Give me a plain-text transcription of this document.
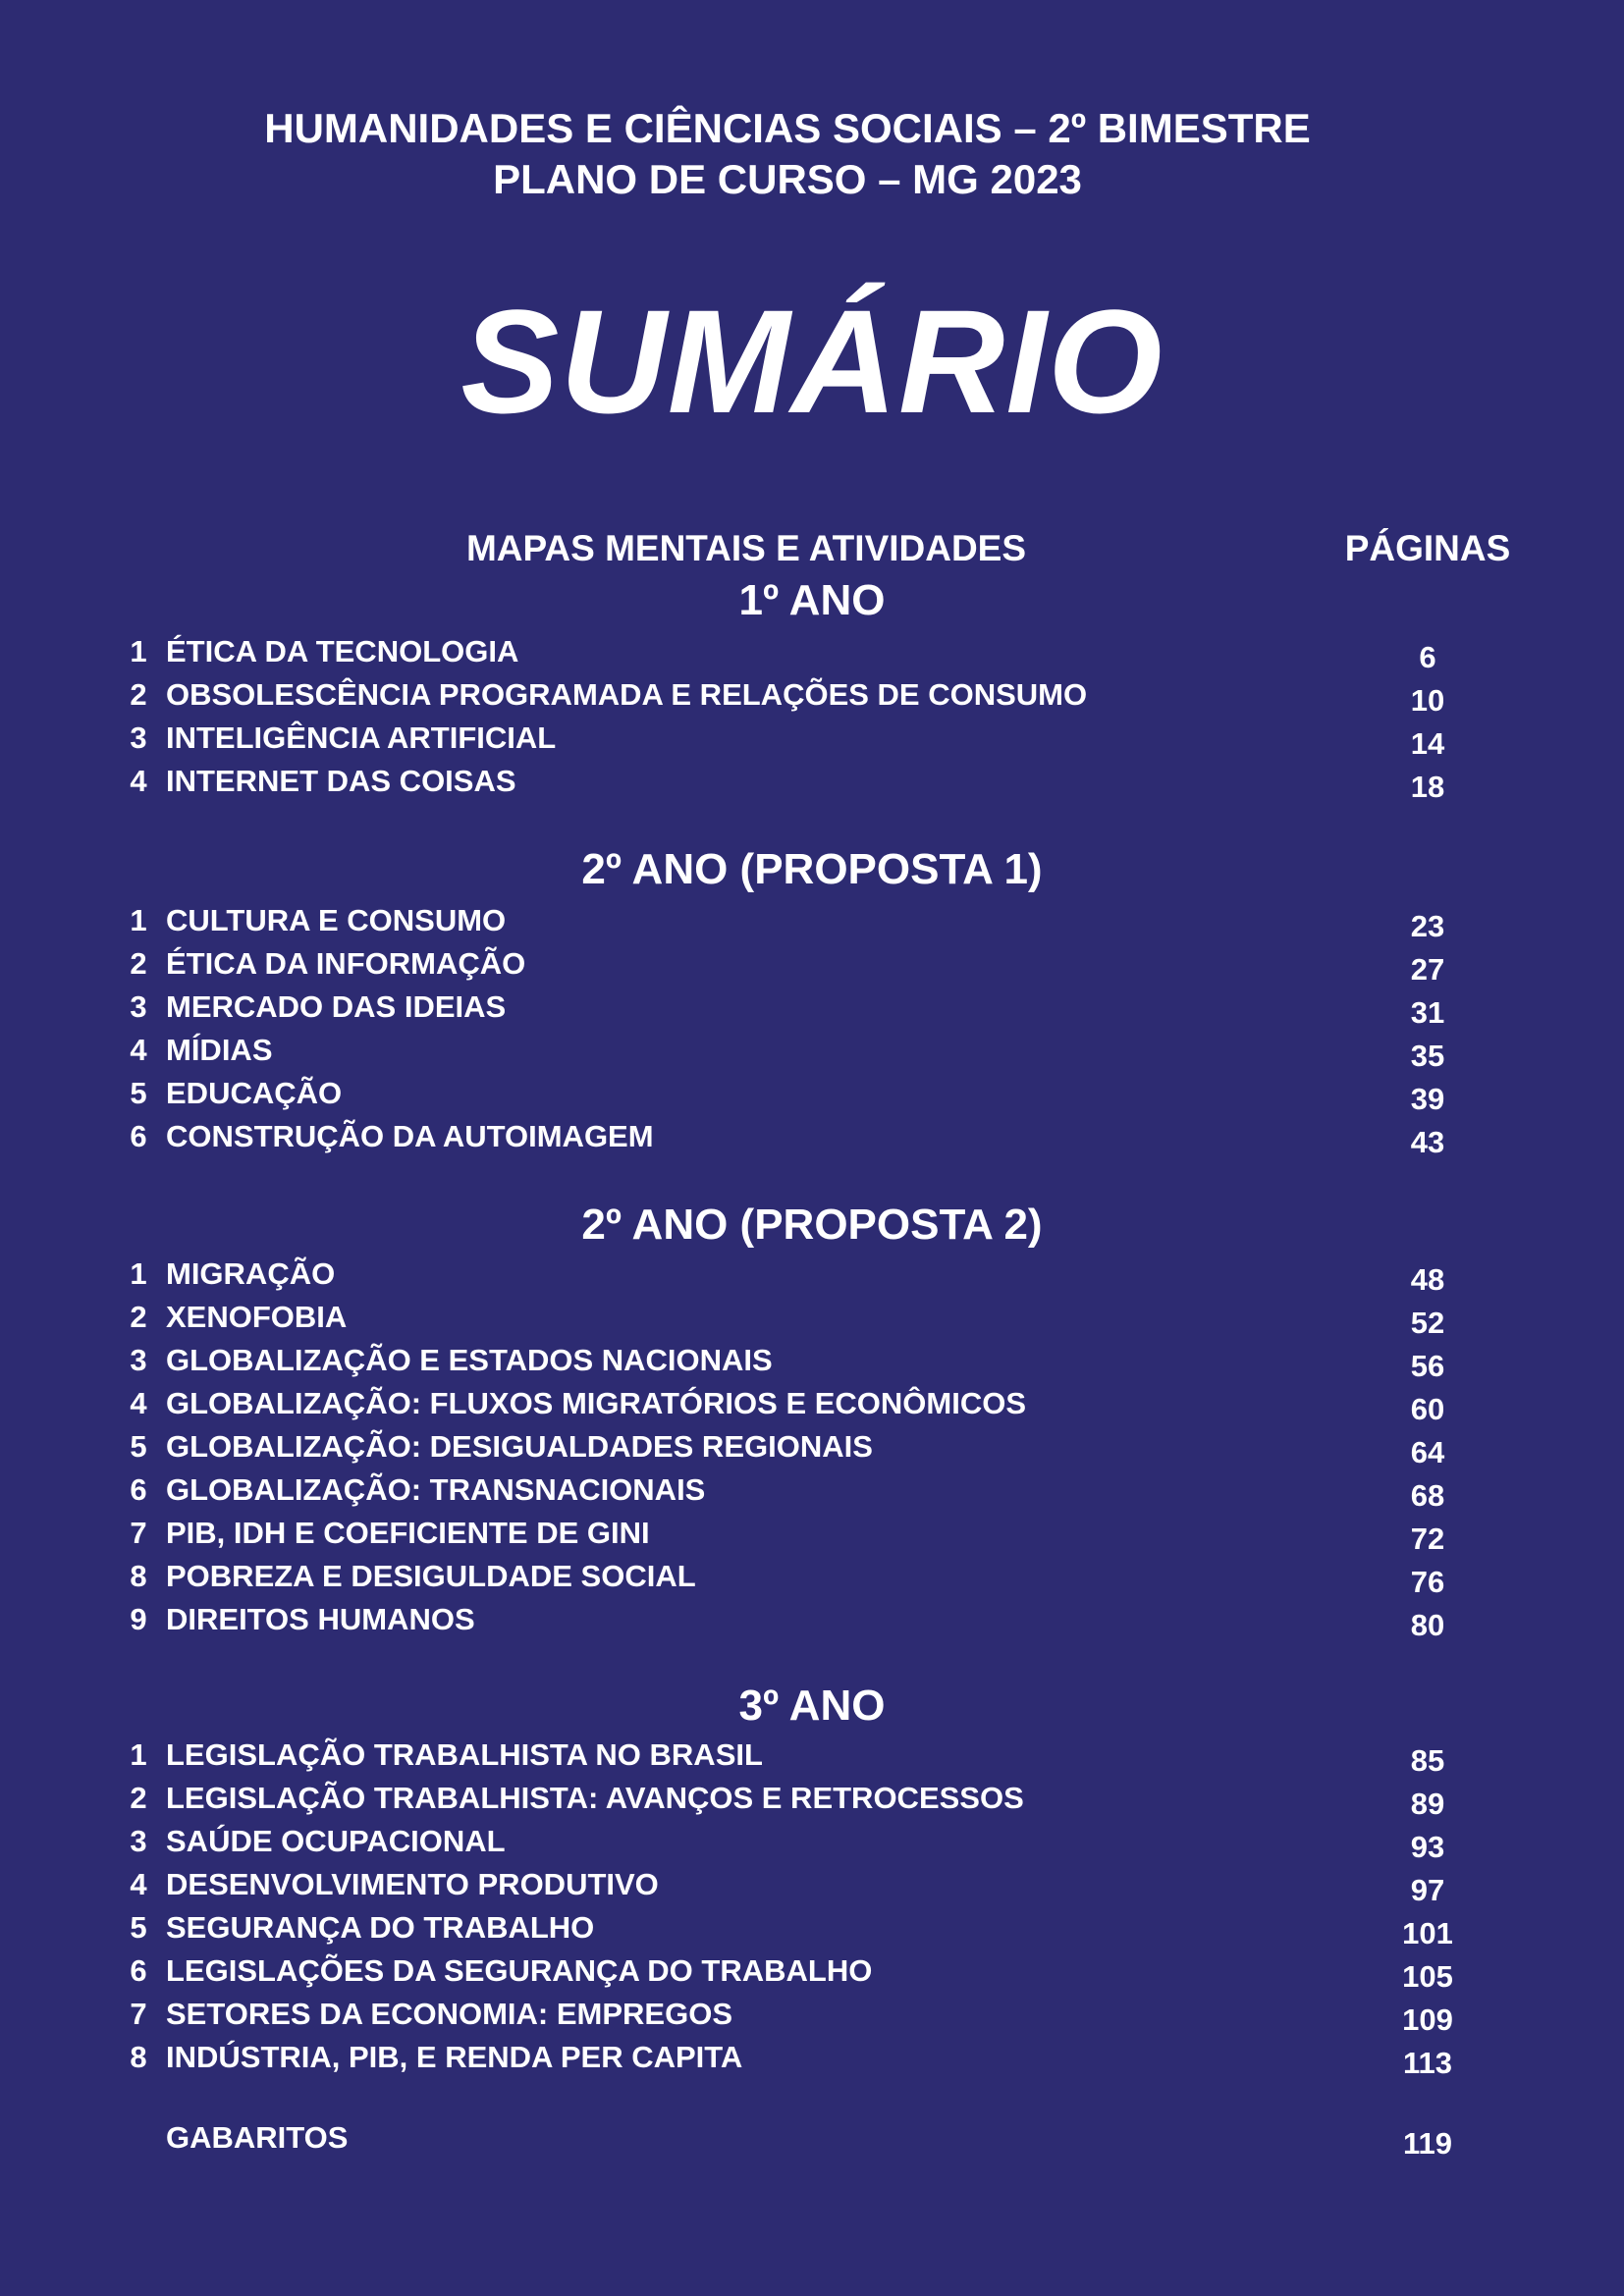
HUMANIDADES E CIÊNCIAS SOCIAIS – 2º BIMESTRE
PLANO DE CURSO – MG 2023
SUMÁRIO
MAPAS MENTAIS E ATIVIDADES	PÁGINAS
1º ANO
1 ÉTICA DA TECNOLOGIA	6
2 OBSOLESCÊNCIA PROGRAMADA E RELAÇÕES DE CONSUMO	10
3 INTELIGÊNCIA ARTIFICIAL	14
4 INTERNET DAS COISAS	18
2º ANO (PROPOSTA 1)
1 CULTURA E CONSUMO	23
2 ÉTICA DA INFORMAÇÃO	27
3 MERCADO DAS IDEIAS	31
4 MÍDIAS	35
5 EDUCAÇÃO	39
6 CONSTRUÇÃO DA AUTOIMAGEM	43
2º ANO (PROPOSTA 2)
1 MIGRAÇÃO	48
2 XENOFOBIA	52
3 GLOBALIZAÇÃO E ESTADOS NACIONAIS	56
4 GLOBALIZAÇÃO: FLUXOS MIGRATÓRIOS E ECONÔMICOS	60
5 GLOBALIZAÇÃO: DESIGUALDADES REGIONAIS	64
6 GLOBALIZAÇÃO: TRANSNACIONAIS	68
7 PIB, IDH E COEFICIENTE DE GINI	72
8 POBREZA E DESIGULDADE SOCIAL	76
9 DIREITOS HUMANOS	80
3º ANO
1 LEGISLAÇÃO TRABALHISTA NO BRASIL	85
2 LEGISLAÇÃO TRABALHISTA: AVANÇOS E RETROCESSOS	89
3 SAÚDE OCUPACIONAL	93
4 DESENVOLVIMENTO PRODUTIVO	97
5 SEGURANÇA DO TRABALHO	101
6 LEGISLAÇÕES DA SEGURANÇA DO TRABALHO	105
7 SETORES DA ECONOMIA: EMPREGOS	109
8 INDÚSTRIA, PIB, E RENDA PER CAPITA	113
GABARITOS	119
